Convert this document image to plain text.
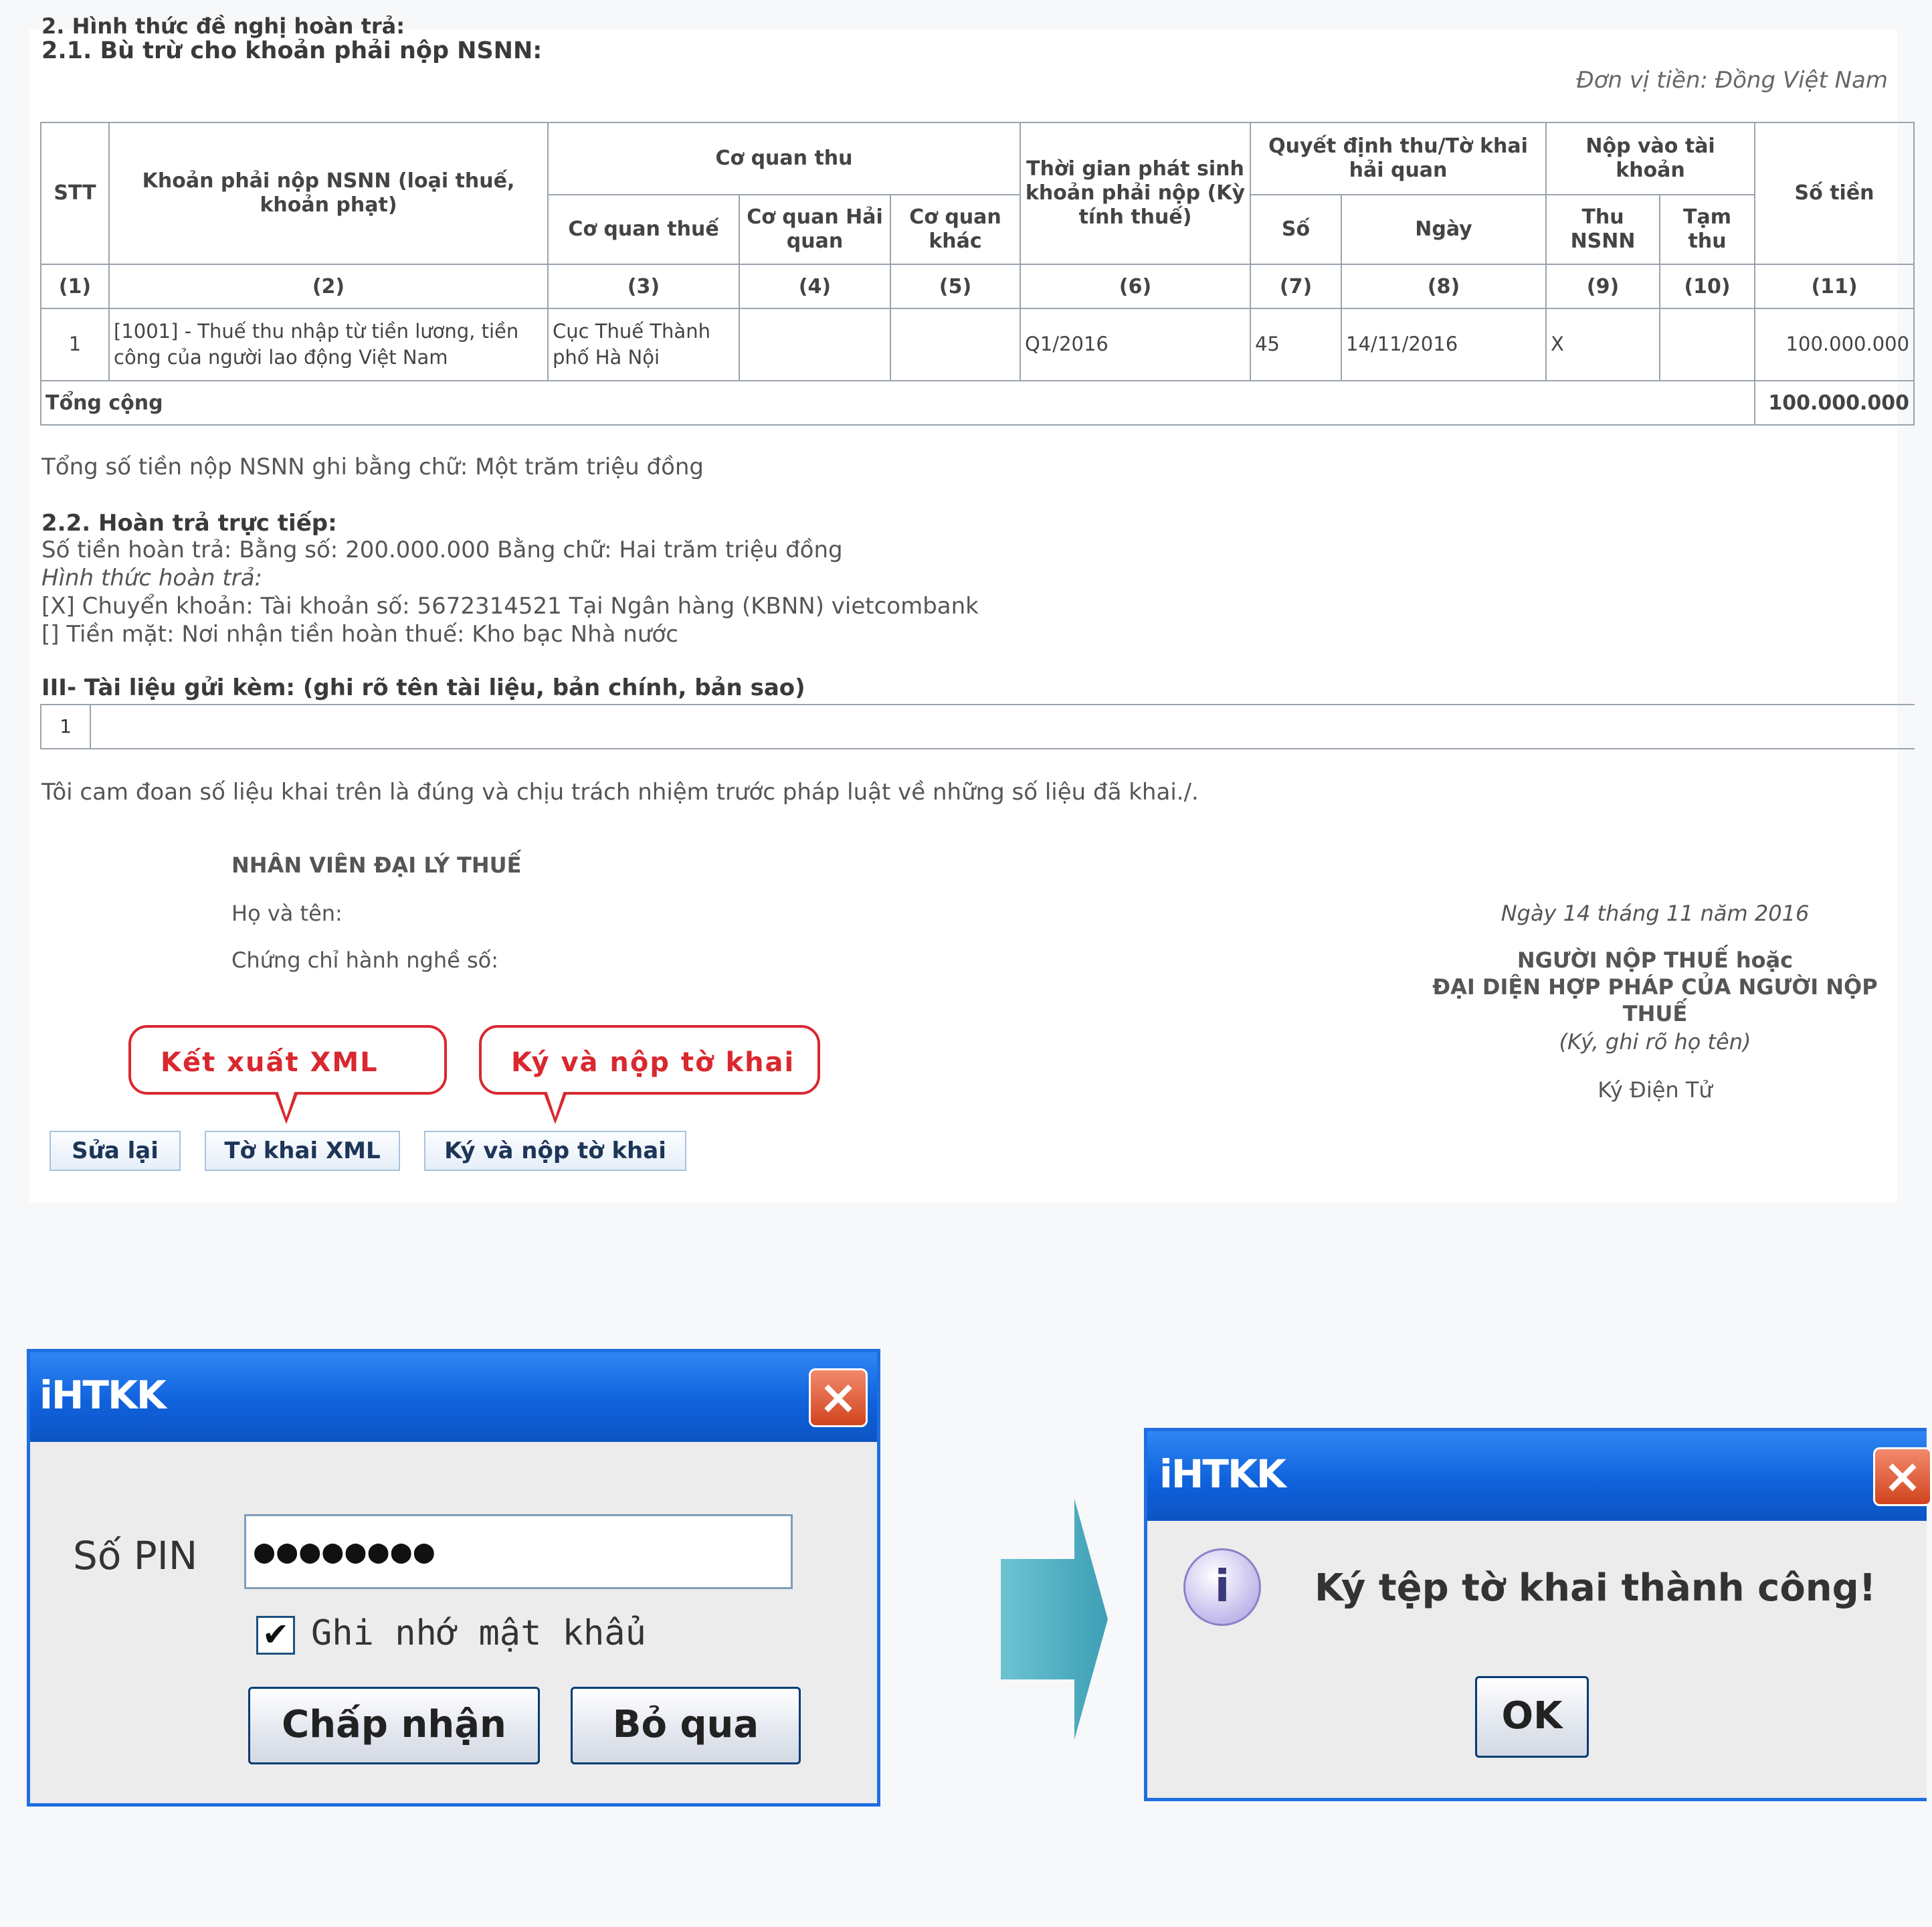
2. Hình thức đề nghị hoàn trả:
2.1. Bù trừ cho khoản phải nộp NSNN:
Đơn vị tiền: Đồng Việt Nam
STT	Khoản phải nộp NSNN (loại thuế, khoản phạt)	Cơ quan thu			Thời gian phát sinh khoản phải nộp (Kỳ tính thuế)	Quyết định thu/Tờ khai hải quan		Nộp vào tài khoản		Số tiền
		Cơ quan thuế	Cơ quan Hải quan	Cơ quan khác		Số	Ngày	Thu NSNN	Tạm thu	
(1)	(2)	(3)	(4)	(5)	(6)	(7)	(8)	(9)	(10)	(11)
1	[1001] - Thuế thu nhập từ tiền lương, tiền công của người lao động Việt Nam	Cục Thuế Thành phố Hà Nội			Q1/2016	45	14/11/2016	X		100.000.000
Tổng cộng										100.000.000
Tổng số tiền nộp NSNN ghi bằng chữ: Một trăm triệu đồng
2.2. Hoàn trả trực tiếp:
Số tiền hoàn trả: Bằng số: 200.000.000 Bằng chữ: Hai trăm triệu đồng
Hình thức hoàn trả:
[X] Chuyển khoản: Tài khoản số: 5672314521 Tại Ngân hàng (KBNN) vietcombank
[] Tiền mặt: Nơi nhận tiền hoàn thuế: Kho bạc Nhà nước
III- Tài liệu gửi kèm: (ghi rõ tên tài liệu, bản chính, bản sao)
1
Tôi cam đoan số liệu khai trên là đúng và chịu trách nhiệm trước pháp luật về những số liệu đã khai./.
NHÂN VIÊN ĐẠI LÝ THUẾ
Họ và tên:
Chứng chỉ hành nghề số:
Ngày 14 tháng 11 năm 2016
NGƯỜI NỘP THUẾ hoặc
ĐẠI DIỆN HỢP PHÁP CỦA NGƯỜI NỘP
THUẾ
(Ký, ghi rõ họ tên)
Ký Điện Tử
Kết xuất XML	Ký và nộp tờ khai
Sửa lại	Tờ khai XML	Ký và nộp tờ khai
iHTKK	×
Số PIN	●●●●●●●●
✔ Ghi nhớ mật khẩu
Chấp nhận	Bỏ qua
iHTKK	×
i	Ký tệp tờ khai thành công!
OK
